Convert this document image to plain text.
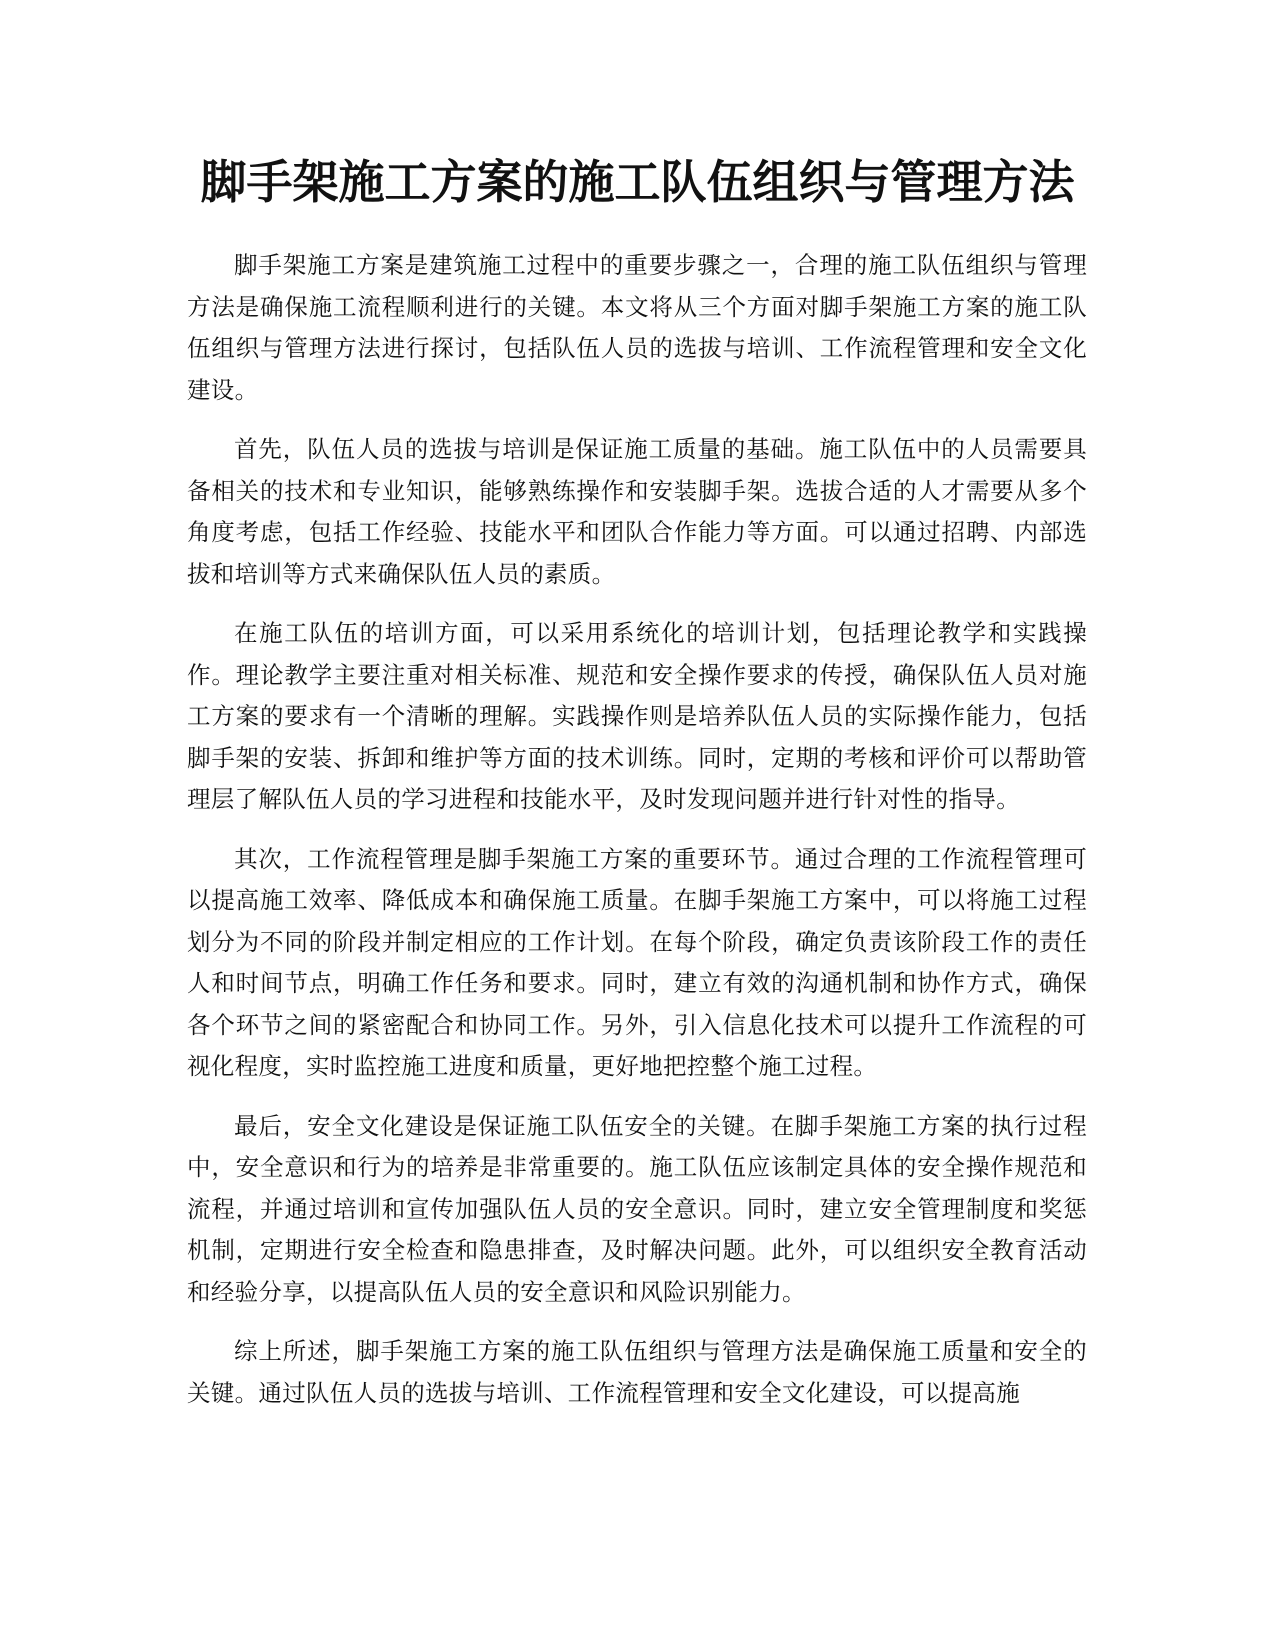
脚手架施工方案的施工队伍组织与管理方法

脚手架施工方案是建筑施工过程中的重要步骤之一，合理的施工队伍组织与管理方法是确保施工流程顺利进行的关键。本文将从三个方面对脚手架施工方案的施工队伍组织与管理方法进行探讨，包括队伍人员的选拔与培训、工作流程管理和安全文化建设。

首先，队伍人员的选拔与培训是保证施工质量的基础。施工队伍中的人员需要具备相关的技术和专业知识，能够熟练操作和安装脚手架。选拔合适的人才需要从多个角度考虑，包括工作经验、技能水平和团队合作能力等方面。可以通过招聘、内部选拔和培训等方式来确保队伍人员的素质。

在施工队伍的培训方面，可以采用系统化的培训计划，包括理论教学和实践操作。理论教学主要注重对相关标准、规范和安全操作要求的传授，确保队伍人员对施工方案的要求有一个清晰的理解。实践操作则是培养队伍人员的实际操作能力，包括脚手架的安装、拆卸和维护等方面的技术训练。同时，定期的考核和评价可以帮助管理层了解队伍人员的学习进程和技能水平，及时发现问题并进行针对性的指导。

其次，工作流程管理是脚手架施工方案的重要环节。通过合理的工作流程管理可以提高施工效率、降低成本和确保施工质量。在脚手架施工方案中，可以将施工过程划分为不同的阶段并制定相应的工作计划。在每个阶段，确定负责该阶段工作的责任人和时间节点，明确工作任务和要求。同时，建立有效的沟通机制和协作方式，确保各个环节之间的紧密配合和协同工作。另外，引入信息化技术可以提升工作流程的可视化程度，实时监控施工进度和质量，更好地把控整个施工过程。

最后，安全文化建设是保证施工队伍安全的关键。在脚手架施工方案的执行过程中，安全意识和行为的培养是非常重要的。施工队伍应该制定具体的安全操作规范和流程，并通过培训和宣传加强队伍人员的安全意识。同时，建立安全管理制度和奖惩机制，定期进行安全检查和隐患排查，及时解决问题。此外，可以组织安全教育活动和经验分享，以提高队伍人员的安全意识和风险识别能力。

综上所述，脚手架施工方案的施工队伍组织与管理方法是确保施工质量和安全的关键。通过队伍人员的选拔与培训、工作流程管理和安全文化建设，可以提高施
